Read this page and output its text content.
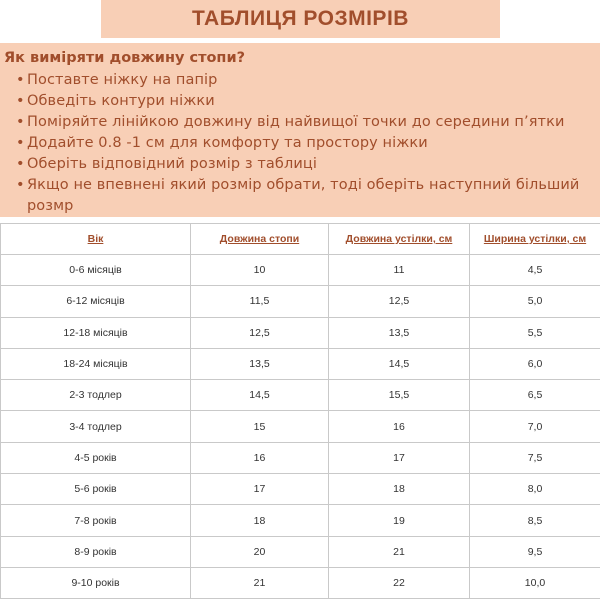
ТАБЛИЦЯ РОЗМІРІВ
Як виміряти довжину стопи?
• Поставте ніжку на папір
• Обведіть контури ніжки
• Поміряйте лінійкою довжину від найвищої точки до середини п’ятки
• Додайте 0.8 -1 см для комфорту та простору ніжки
• Оберіть відповідний розмір з таблиці
• Якщо не впевнені який розмір обрати, тоді оберіть наступний більший розмр
Вік	Довжина стопи	Довжина устілки, см	Ширина устілки, см
0-6 місяців	10	11	4,5
6-12 місяців	11,5	12,5	5,0
12-18 місяців	12,5	13,5	5,5
18-24 місяців	13,5	14,5	6,0
2-3 тодлер	14,5	15,5	6,5
3-4 тодлер	15	16	7,0
4-5 років	16	17	7,5
5-6 років	17	18	8,0
7-8 років	18	19	8,5
8-9 років	20	21	9,5
9-10 років	21	22	10,0
